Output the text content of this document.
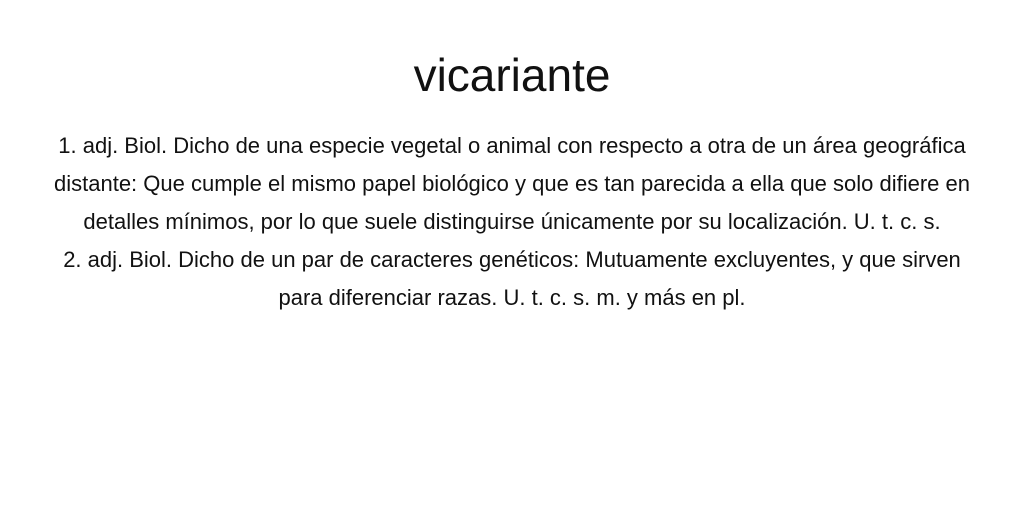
vicariante

1. adj. Biol. Dicho de una especie vegetal o animal con respecto a otra de un área geográfica distante: Que cumple el mismo papel biológico y que es tan parecida a ella que solo difiere en detalles mínimos, por lo que suele distinguirse únicamente por su localización. U. t. c. s.

2. adj. Biol. Dicho de un par de caracteres genéticos: Mutuamente excluyentes, y que sirven para diferenciar razas. U. t. c. s. m. y más en pl.
